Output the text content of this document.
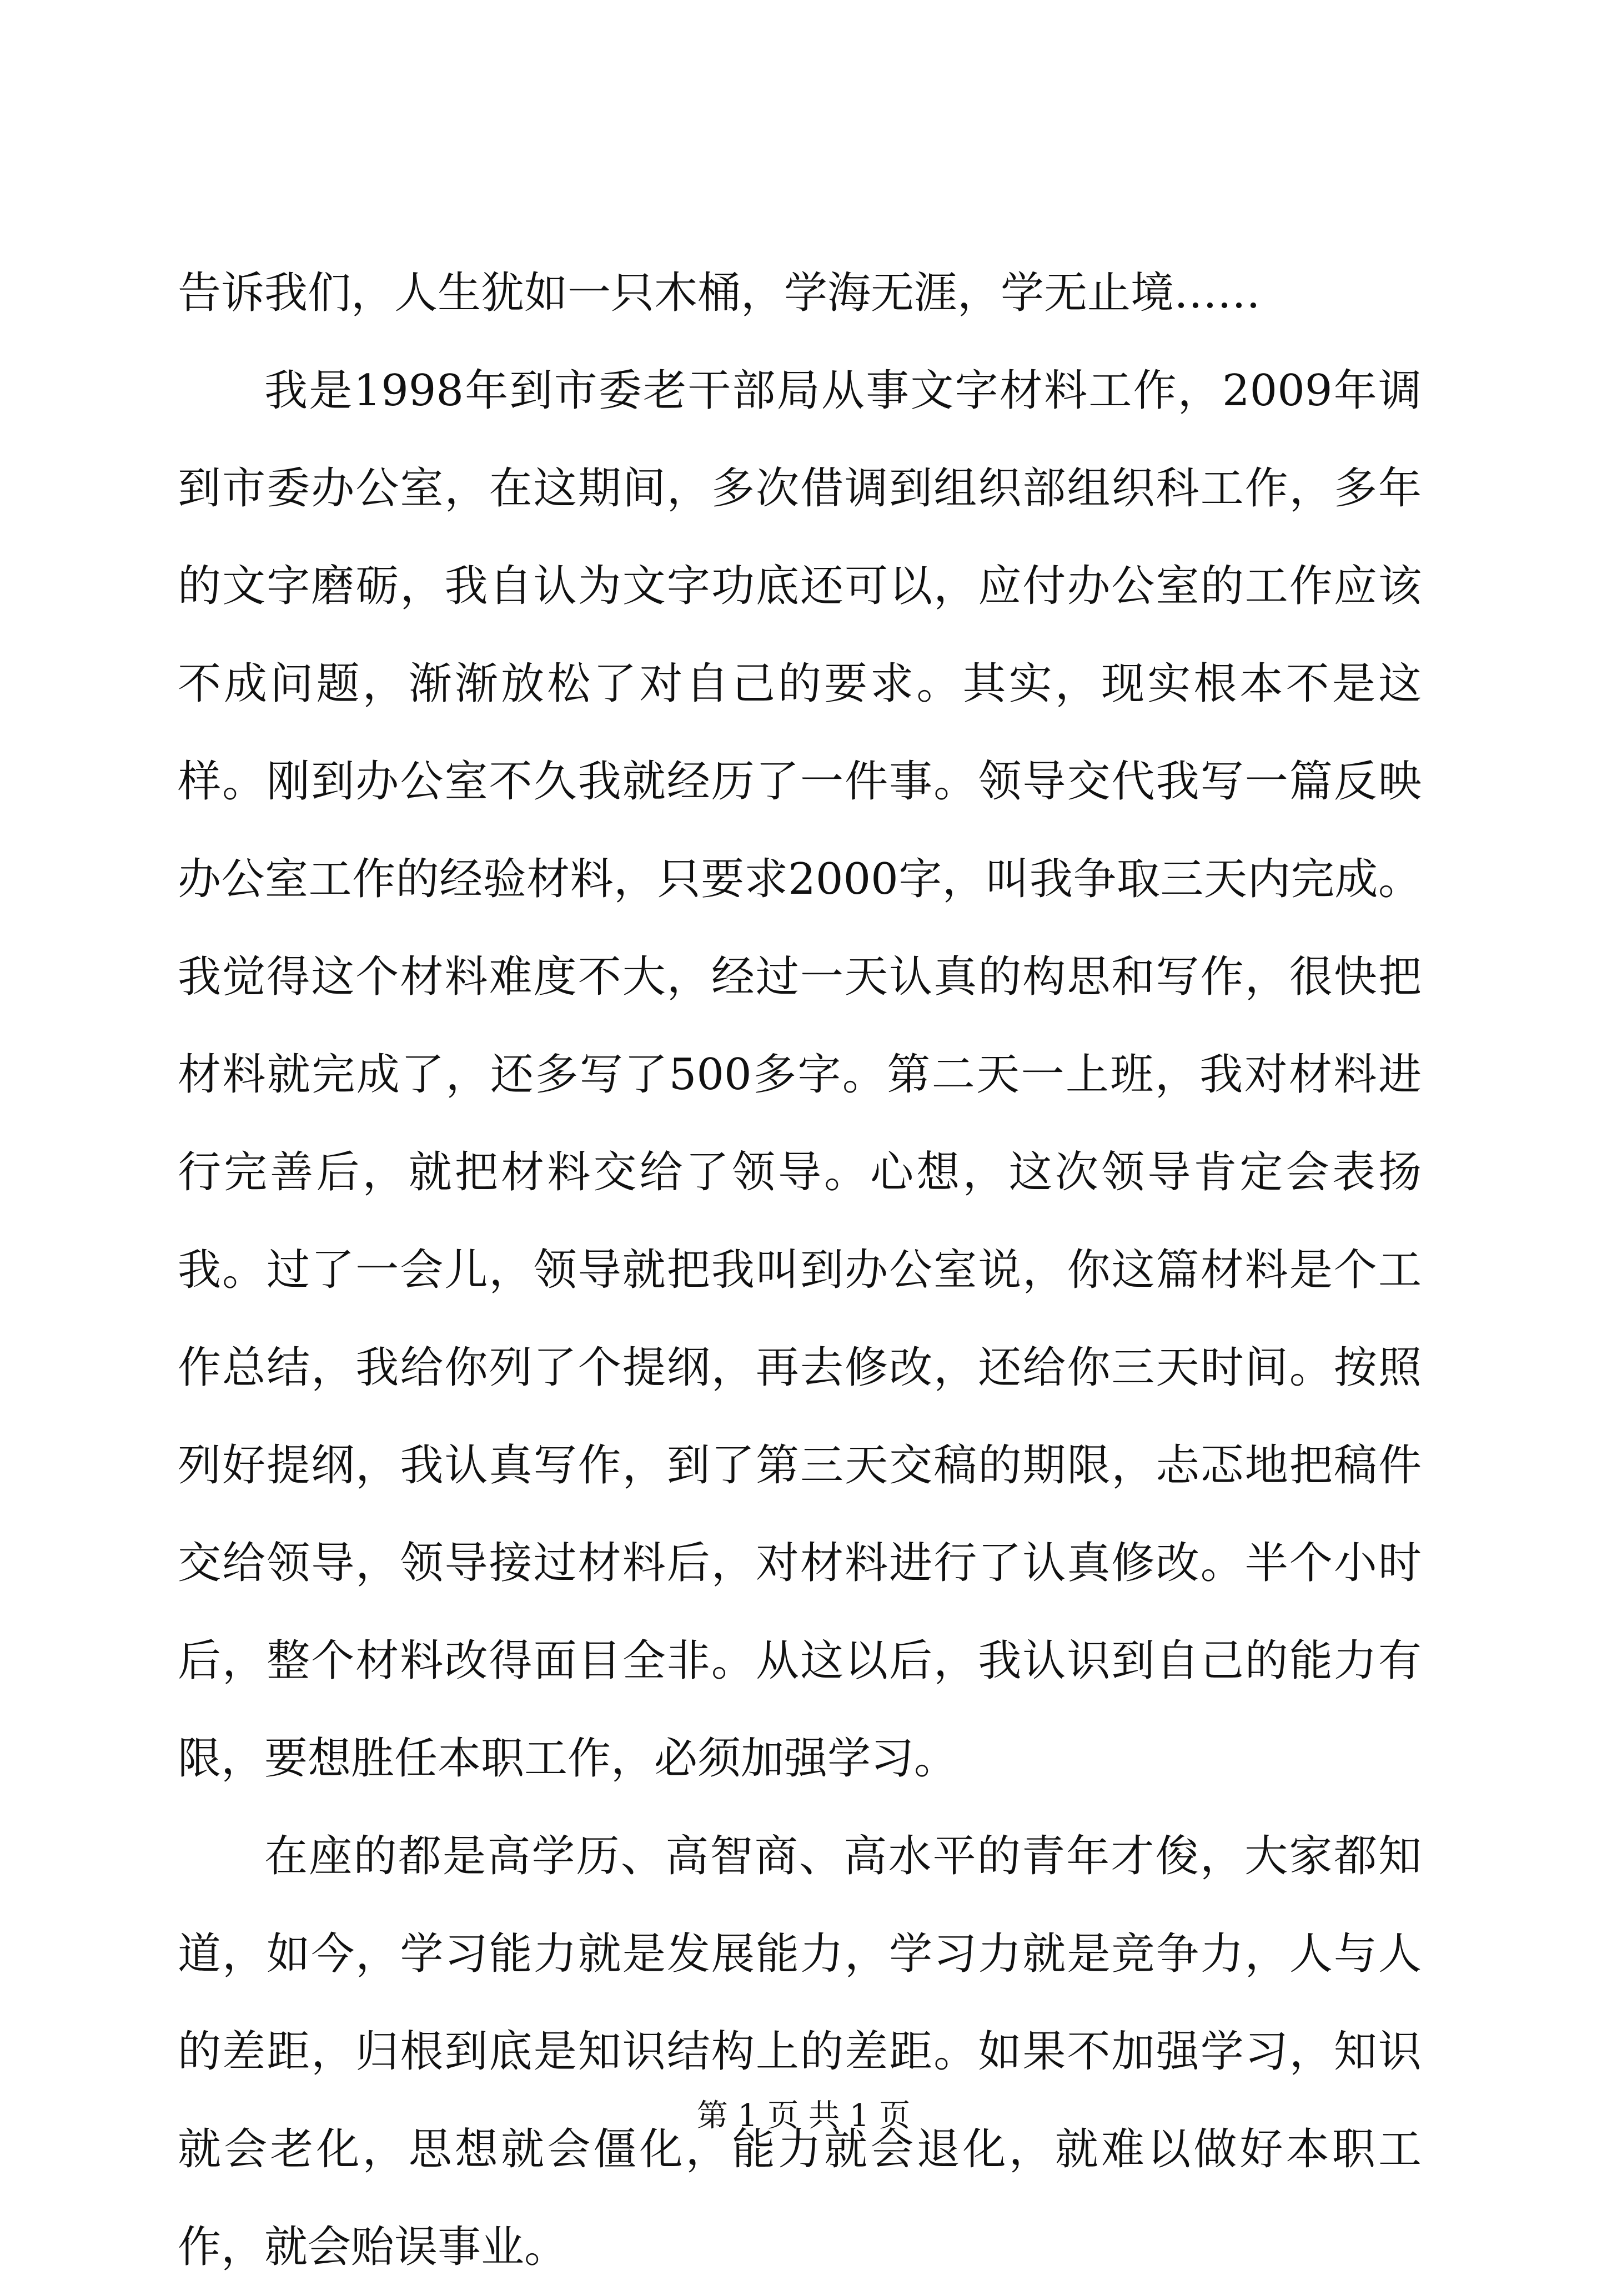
告诉我们，人生犹如一只木桶，学海无涯，学无止境……

我是1998年到市委老干部局从事文字材料工作，2009年调到市委办公室，在这期间，多次借调到组织部组织科工作，多年的文字磨砺，我自认为文字功底还可以，应付办公室的工作应该不成问题，渐渐放松了对自己的要求。其实，现实根本不是这样。刚到办公室不久我就经历了一件事。领导交代我写一篇反映办公室工作的经验材料，只要求2000字，叫我争取三天内完成。我觉得这个材料难度不大，经过一天认真的构思和写作，很快把材料就完成了，还多写了500多字。第二天一上班，我对材料进行完善后，就把材料交给了领导。心想，这次领导肯定会表扬我。过了一会儿，领导就把我叫到办公室说，你这篇材料是个工作总结，我给你列了个提纲，再去修改，还给你三天时间。按照列好提纲，我认真写作，到了第三天交稿的期限，忐忑地把稿件交给领导，领导接过材料后，对材料进行了认真修改。半个小时后，整个材料改得面目全非。从这以后，我认识到自己的能力有限，要想胜任本职工作，必须加强学习。

在座的都是高学历、高智商、高水平的青年才俊，大家都知道，如今，学习能力就是发展能力，学习力就是竞争力，人与人的差距，归根到底是知识结构上的差距。如果不加强学习，知识就会老化，思想就会僵化，能力就会退化，就难以做好本职工作，就会贻误事业。

第 1 页 共 1 页
